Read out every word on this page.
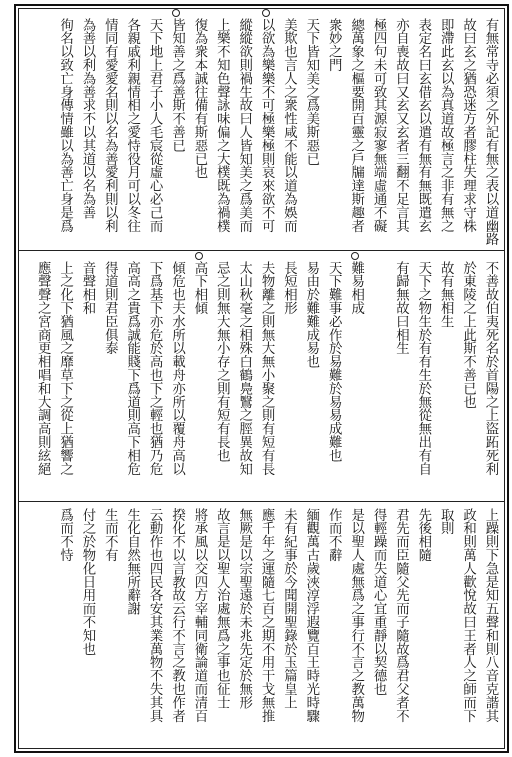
有無常寺必須之外記有無之表以道幽路
故曰玄之猶恐迷方者膠柱失理求守株
即滯此玄以為真道故極言之非有無之
表定名曰玄借玄以遣有無有無既遣玄
亦自喪故曰又玄又玄者三翻不足言其
極四句未可致其源寂寥無端虛通不礙
總萬象之樞要開百靈之戶牖達斯趣者
衆妙之門
天下皆知美之爲美斯惡已
美欺也言人之衆性咸不能以道為娛而
以欲為樂樂不可極樂極則哀來欲不可
縱縱欲則禍生故曰人皆知美之爲美而
上樂不知色聲詠味偏之大樸既為禍樸
復為衆本誠往備有斯惡已也
皆知善之爲善斯不善已
天下地上君子小人毛宸從虛心必己而
各親戚利親情相之愛恃役月可以冬往
情同有愛愛名則以名為善愛利則以利
為善以利為善求不以其道以名為善
徇名以致亡身傳情雖以為善亡身是爲
不善故伯夷死名於首陽之上盜跖死利
於東陵之上此斯不善已也
故有無相生
天下之物生於有有生於無從無出有自
有歸無故曰相生
難易相成
天下難事必作於易難於易易成難也
易由於難難成易也
長短相形
夫物離之則無大無小聚之則有短有長
太山秋毫之相殊白鶴鳧鷖之脛異故知
忌之則無大無小存之則有短有長也
高下相傾
傾危也夫水所以載舟亦所以覆舟高以
下爲基下亦危於高也下之輕也猶乃危
高高之貴爲誠能賤下爲道則高下相危
得道則君臣俱泰
音聲相和
上之化下猶風之靡草下之從上猶響之
應聲聲之宮商更相唱和大調高則絃絕
上躁則下急是知五聲和則八音克諧其
政和則萬人歡悅故曰王者人之師而下
取則
先後相隨
君先而臣隨父先而子隨故爲君父者不
得輕躁而失道心宜重靜以契德也
是以聖人處無爲之事行不言之教萬物
作而不辭
緬觀萬古歲浹淳浮遐覽百王時光時驟
未有紀事於今聞開聖錄於玉篇皇上
應千年之運隨七百之期不用干戈無推
無厥是以宗聖遠於未兆先定於無形
故言是以聖人治處無爲之事也征士
將承風以交四方宰輔同衛論道而清百
揆化不以言教故云行不言之教也作者
云動作也四民各安其業萬物不失其具
生化自然無所辭謝
生而不有
付之於物化日用而不知也
爲而不恃
